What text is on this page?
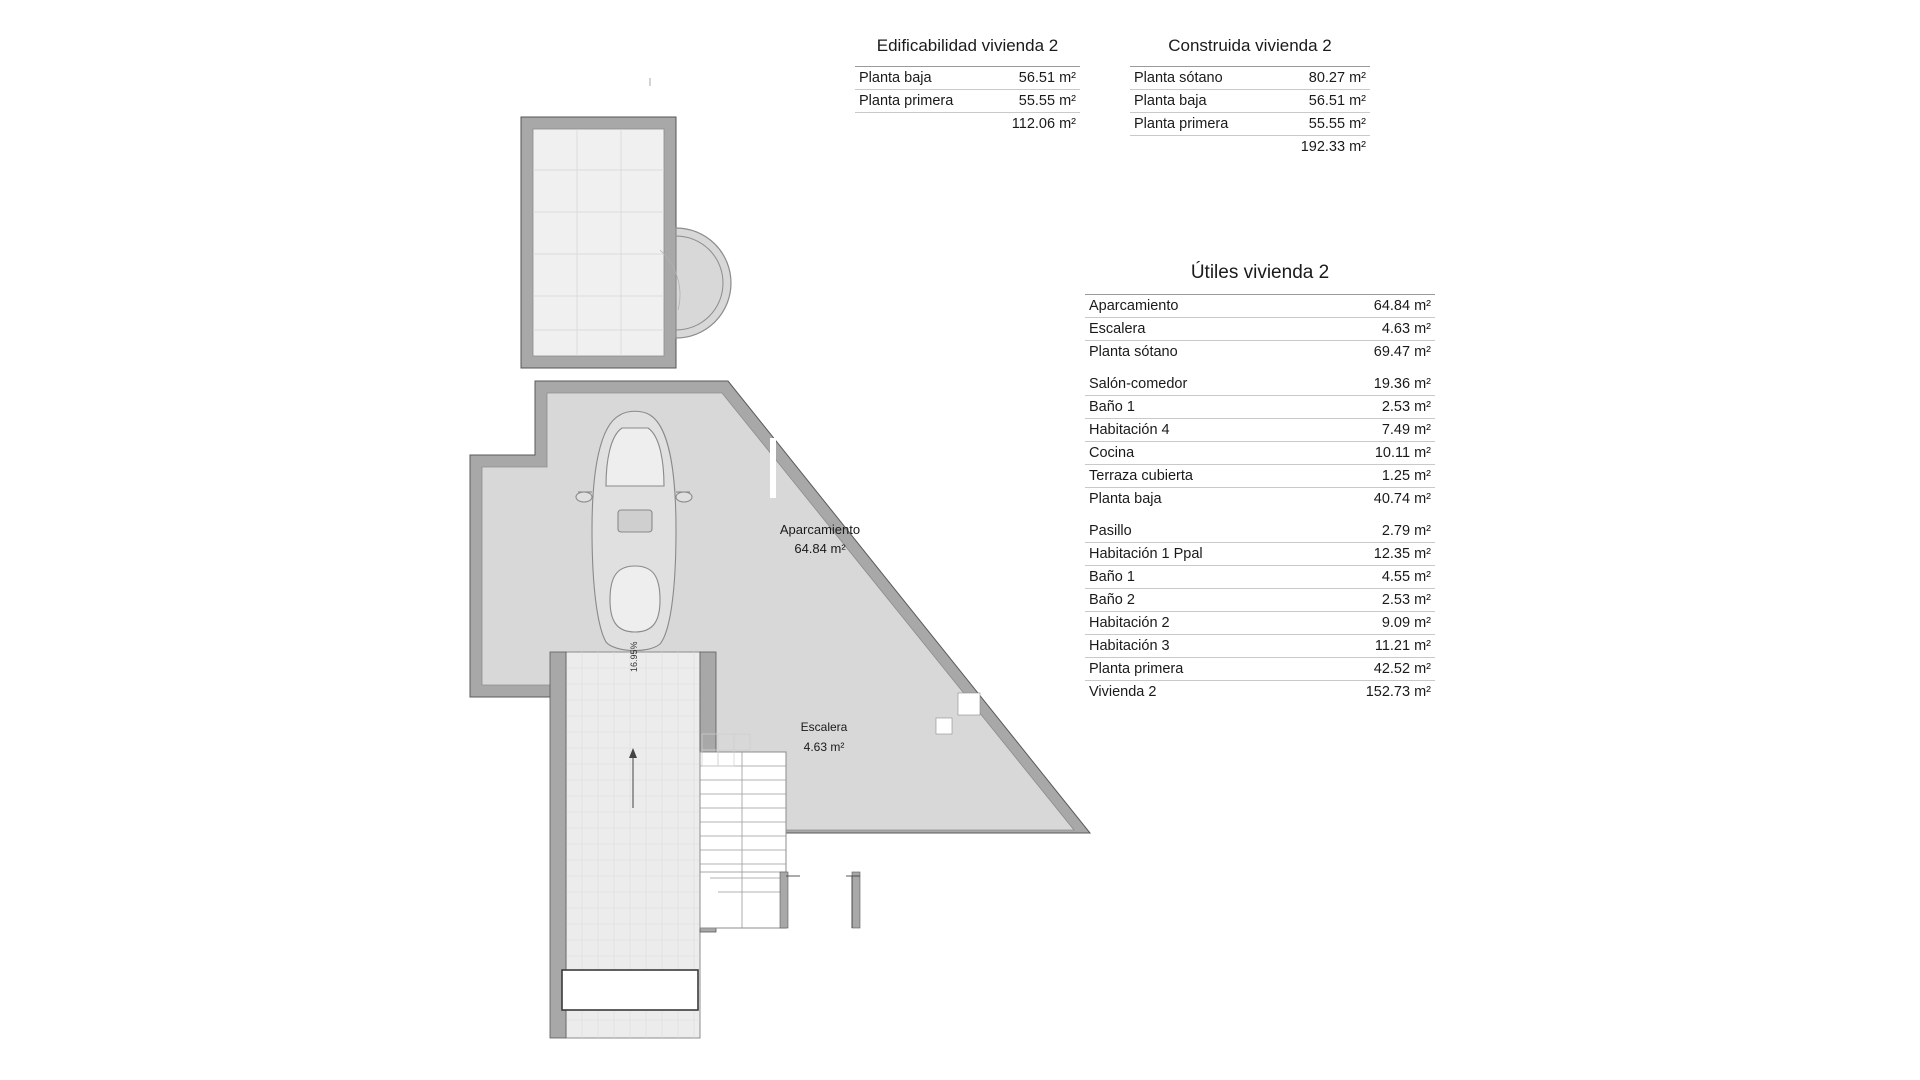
Aparcamiento
64.84 m²
Escalera
4.63 m²
16.95%
Edificabilidad vivienda 2
Planta baja	56.51 m²
Planta primera	55.55 m²
	112.06 m²
Construida vivienda 2
Planta sótano	80.27 m²
Planta baja	56.51 m²
Planta primera	55.55 m²
	192.33 m²
Útiles vivienda 2
Aparcamiento	64.84 m²
Escalera	4.63 m²
Planta sótano	69.47 m²

Salón-comedor	19.36 m²
Baño 1	2.53 m²
Habitación 4	7.49 m²
Cocina	10.11 m²
Terraza cubierta	1.25 m²
Planta baja	40.74 m²

Pasillo	2.79 m²
Habitación 1 Ppal	12.35 m²
Baño 1	4.55 m²
Baño 2	2.53 m²
Habitación 2	9.09 m²
Habitación 3	11.21 m²
Planta primera	42.52 m²
Vivienda 2	152.73 m²
